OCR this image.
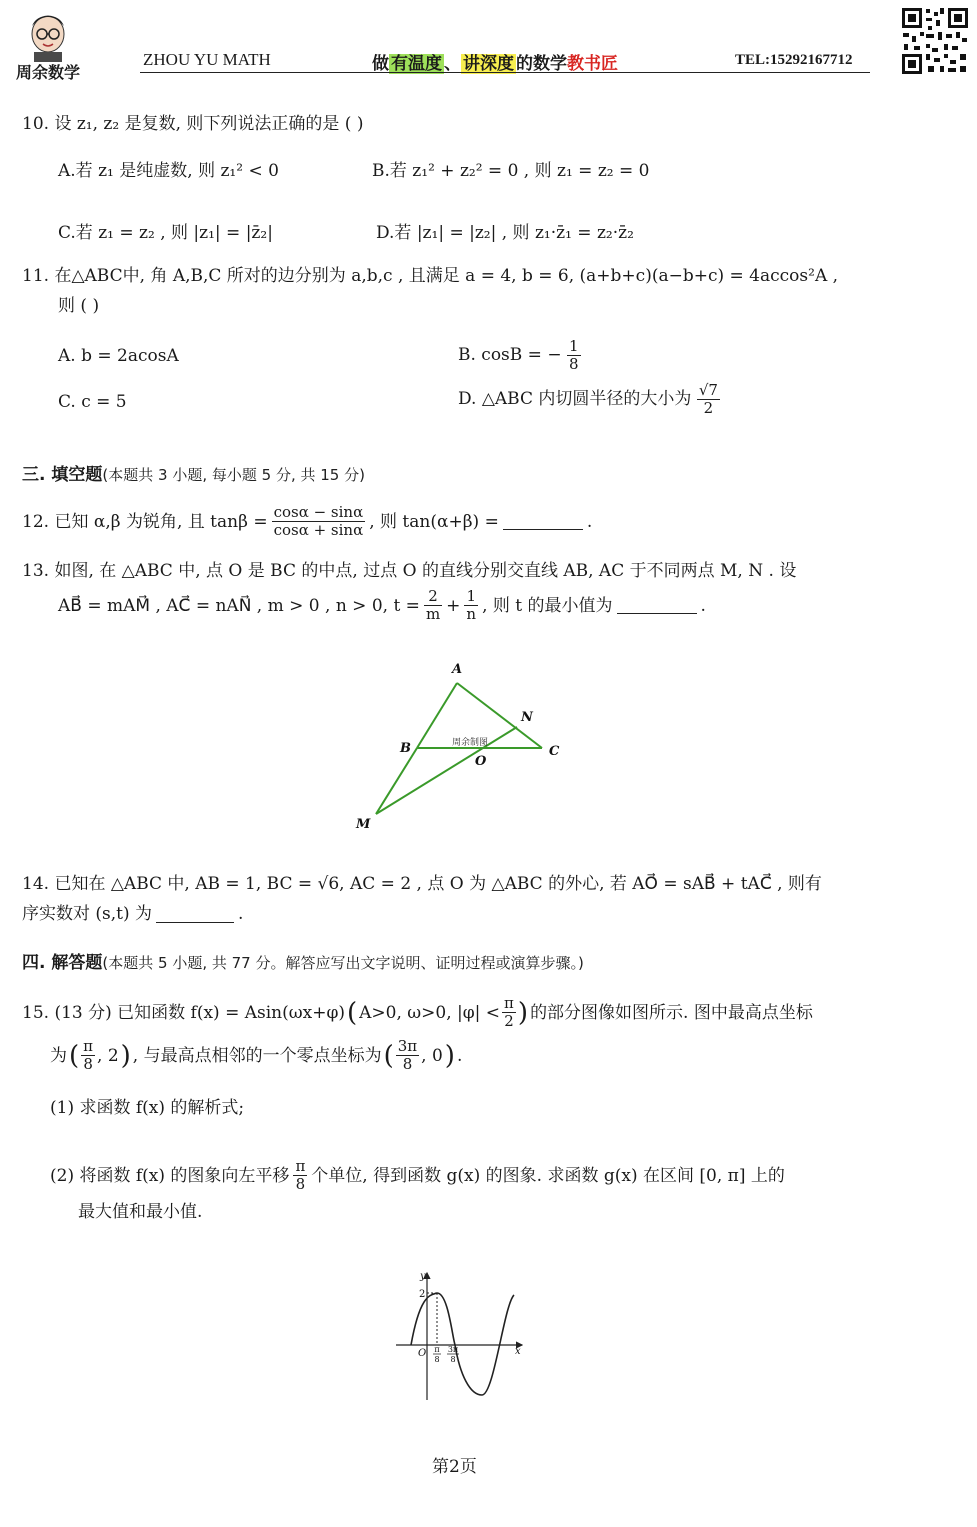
周余数学
ZHOU YU MATH	做 有温度 、 讲深度 的数学教书匠	TEL:15292167712
10. 设 z₁, z₂ 是复数, 则下列说法正确的是 ( )
A.若 z₁ 是纯虚数, 则 z₁² < 0	B.若 z₁² + z₂² = 0 , 则 z₁ = z₂ = 0
C.若 z₁ = z₂ , 则 |z₁| = |z̄₂|	D.若 |z₁| = |z₂| , 则 z₁·z̄₁ = z₂·z̄₂
11. 在△ABC中, 角 A,B,C 所对的边分别为 a,b,c , 且满足 a = 4, b = 6, (a+b+c)(a−b+c) = 4accos²A ,
则 ( )
A. b = 2acosA	B. cosB = − $\frac{1}{8}$
C. c = 5	D. △ABC 内切圆半径的大小为 $\frac{√7}{2}$
三. 填空题(本题共 3 小题, 每小题 5 分, 共 15 分)
12. 已知 α,β 为锐角, 且 $\tan\beta = \frac{\cos\alpha - \sin\alpha}{\cos\alpha + \sin\alpha}$ , 则 tan(α+β) =	.
13. 如图, 在 △ABC 中, 点 O 是 BC 的中点, 过点 O 的直线分别交直线 AB, AC 于不同两点 M, N . 设
AB⃗ = mAM⃗ , AC⃗ = nAN⃗ , m > 0 , n > 0, $t = \frac{2}{m} + \frac{1}{n}$ , 则 t 的最小值为	.
A
B	C
O
M
N
周余制图
14. 已知在 △ABC 中, AB = 1, BC = √6, AC = 2 , 点 O 为 △ABC 的外心, 若 AO⃗ = sAB⃗ + tAC⃗ , 则有
序实数对 (s,t) 为	.
四. 解答题(本题共 5 小题, 共 77 分。解答应写出文字说明、证明过程或演算步骤。)
15. (13 分) 已知函数 f(x) = Asin(ωx+φ) ( A>0, ω>0, $|\varphi| < \frac{\pi}{2}$ ) 的部分图像如图所示. 图中最高点坐标
为 ( $\frac{\pi}{8}$ , 2 ) , 与最高点相邻的一个零点坐标为 ( $\frac{3\pi}{8}$ , 0 ) .
(1) 求函数 f(x) 的解析式;
(2) 将函数 f(x) 的图象向左平移 $\frac{\pi}{8}$ 个单位, 得到函数 g(x) 的图象. 求函数 g(x) 在区间 [0, π] 上的
最大值和最小值.
y
x
O
2
π
8
3π
8
第2页
